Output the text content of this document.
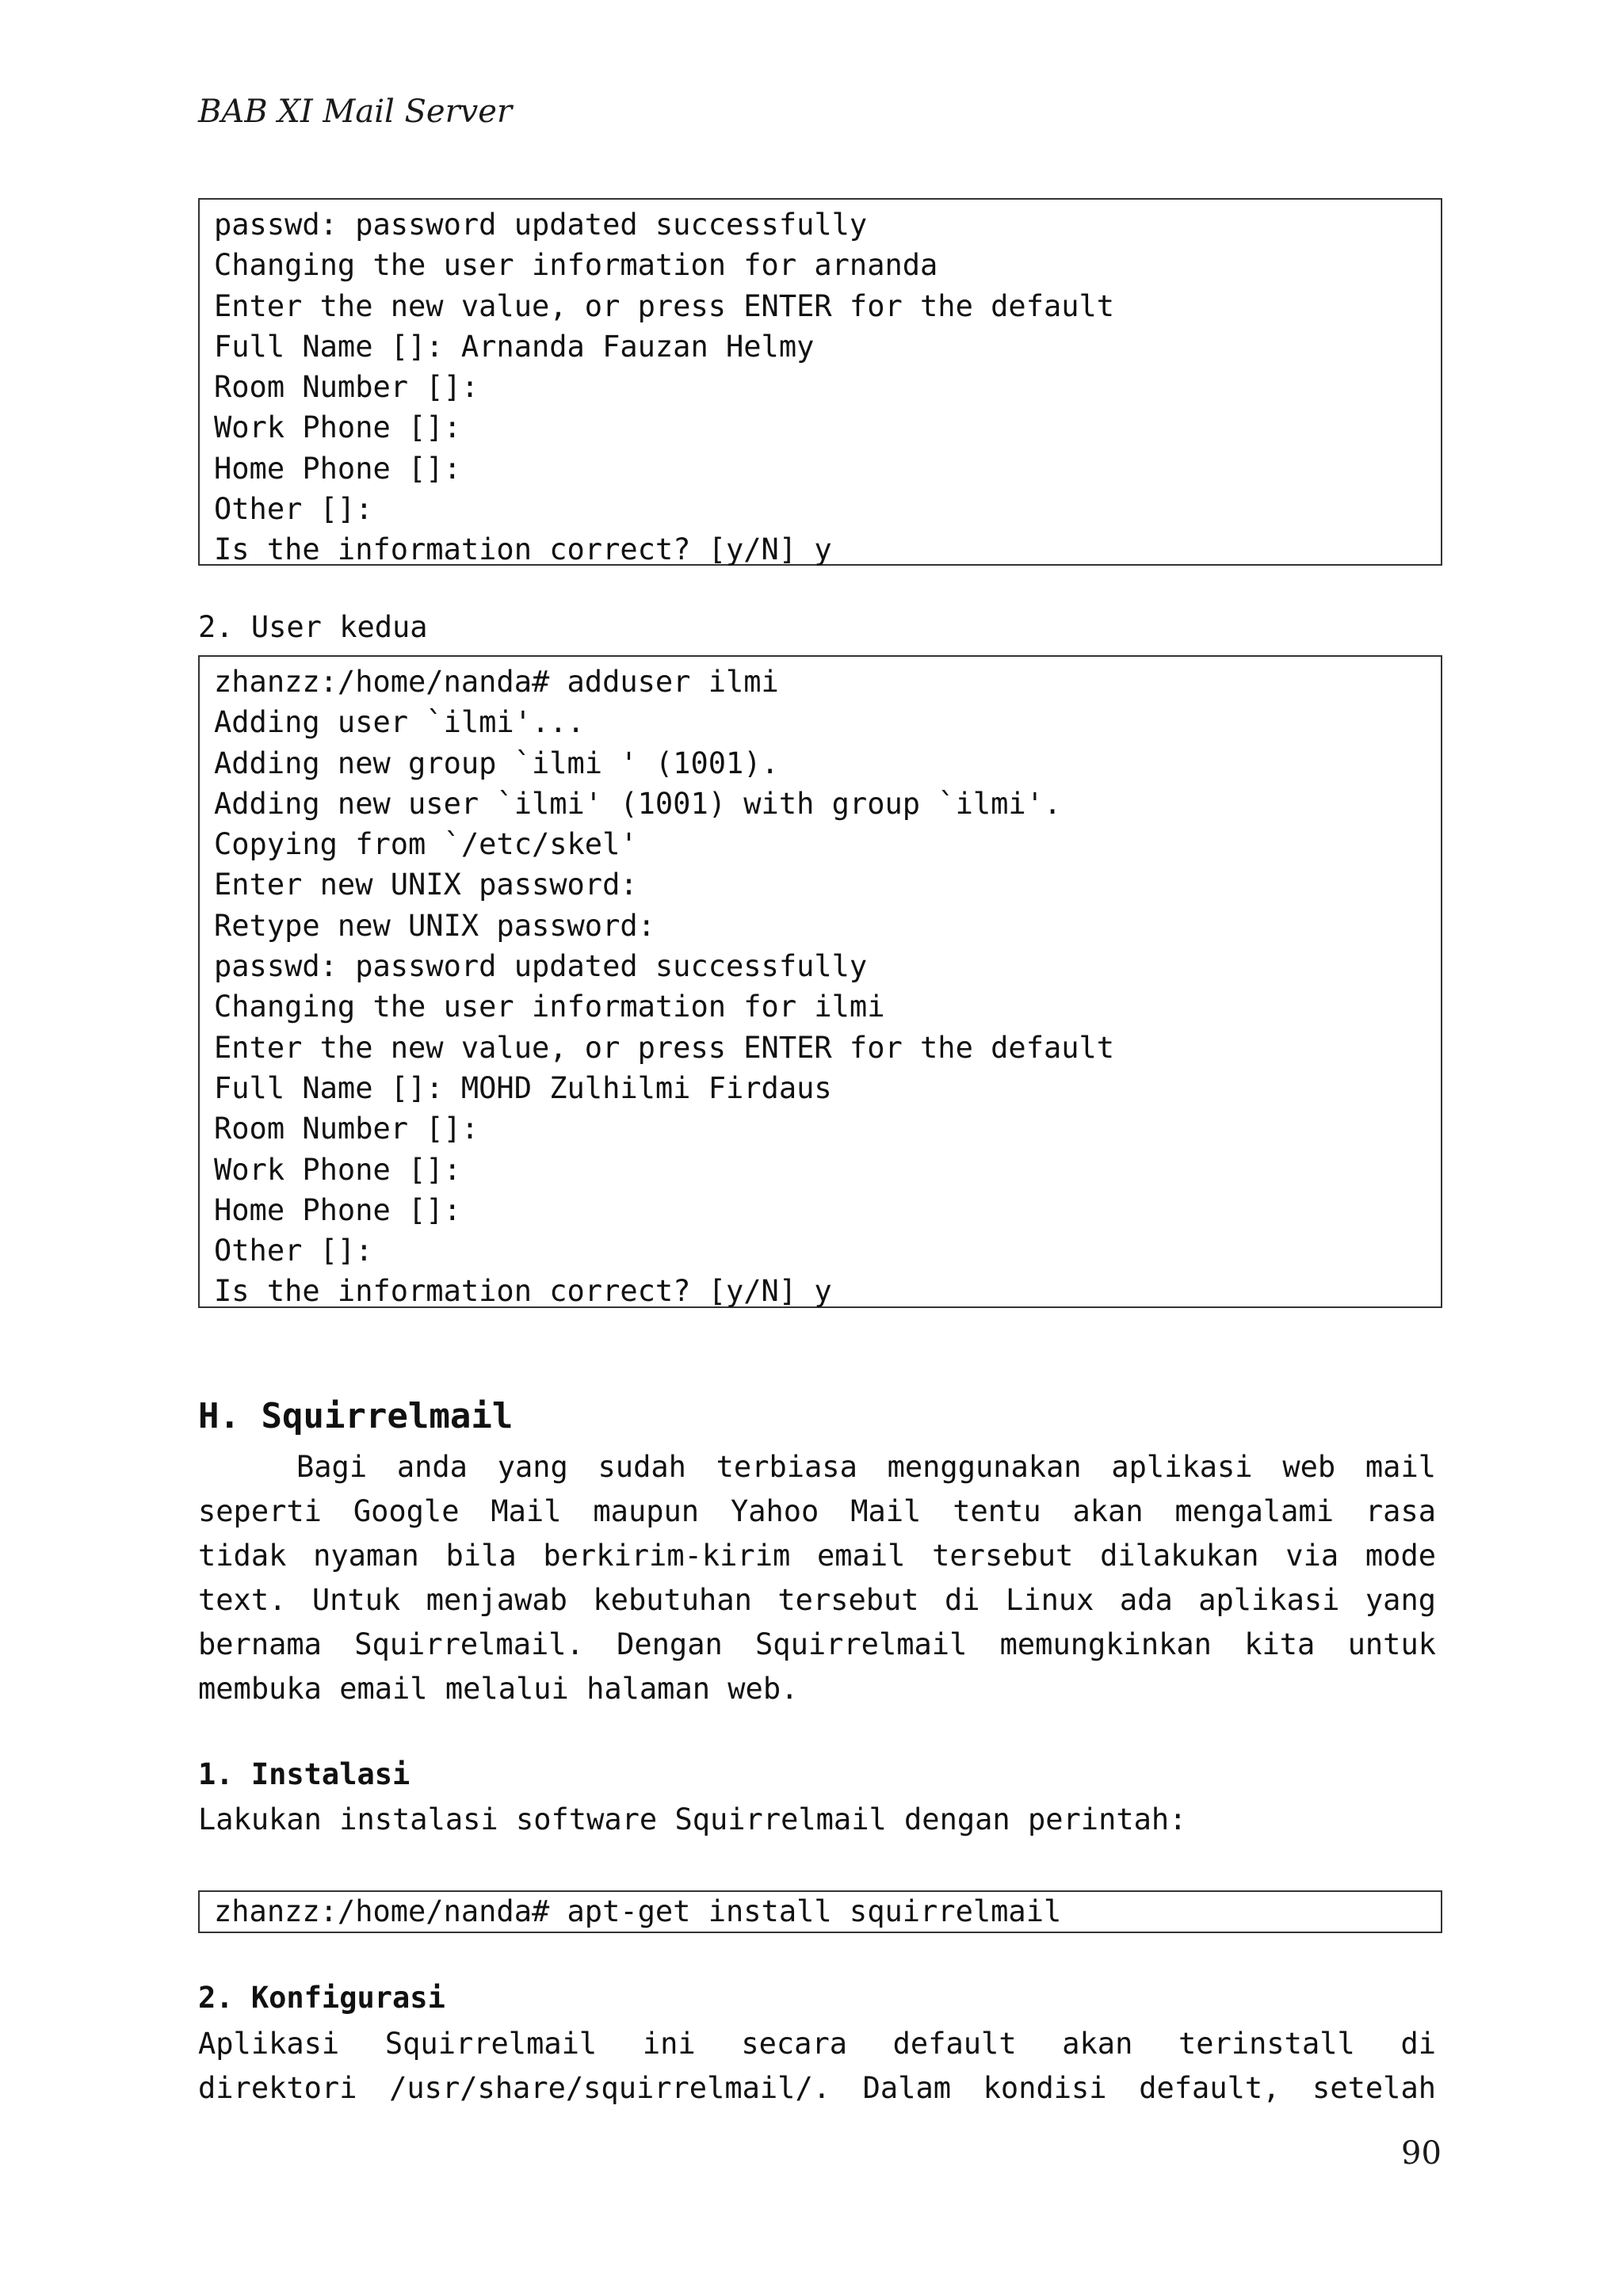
BAB XI Mail Server
passwd: password updated successfully
Changing the user information for arnanda
Enter the new value, or press ENTER for the default
Full Name []: Arnanda Fauzan Helmy
Room Number []:
Work Phone []:
Home Phone []:
Other []:
Is the information correct? [y/N] y
2. User kedua
zhanzz:/home/nanda# adduser ilmi
Adding user `ilmi'...
Adding new group `ilmi ' (1001).
Adding new user `ilmi' (1001) with group `ilmi'.
Copying from `/etc/skel'
Enter new UNIX password:
Retype new UNIX password:
passwd: password updated successfully
Changing the user information for ilmi
Enter the new value, or press ENTER for the default
Full Name []: MOHD Zulhilmi Firdaus
Room Number []:
Work Phone []:
Home Phone []:
Other []:
Is the information correct? [y/N] y
H. Squirrelmail
Bagi anda yang sudah terbiasa menggunakan aplikasi web mail
seperti Google Mail maupun Yahoo Mail tentu akan mengalami rasa
tidak nyaman bila berkirim-kirim email tersebut dilakukan via mode
text. Untuk menjawab kebutuhan tersebut di Linux ada aplikasi yang
bernama Squirrelmail. Dengan Squirrelmail memungkinkan kita untuk
membuka email melalui halaman web.
1. Instalasi
Lakukan instalasi software Squirrelmail dengan perintah:
zhanzz:/home/nanda# apt-get install squirrelmail
2. Konfigurasi
Aplikasi Squirrelmail ini secara default akan terinstall di
direktori /usr/share/squirrelmail/. Dalam kondisi default, setelah
90
